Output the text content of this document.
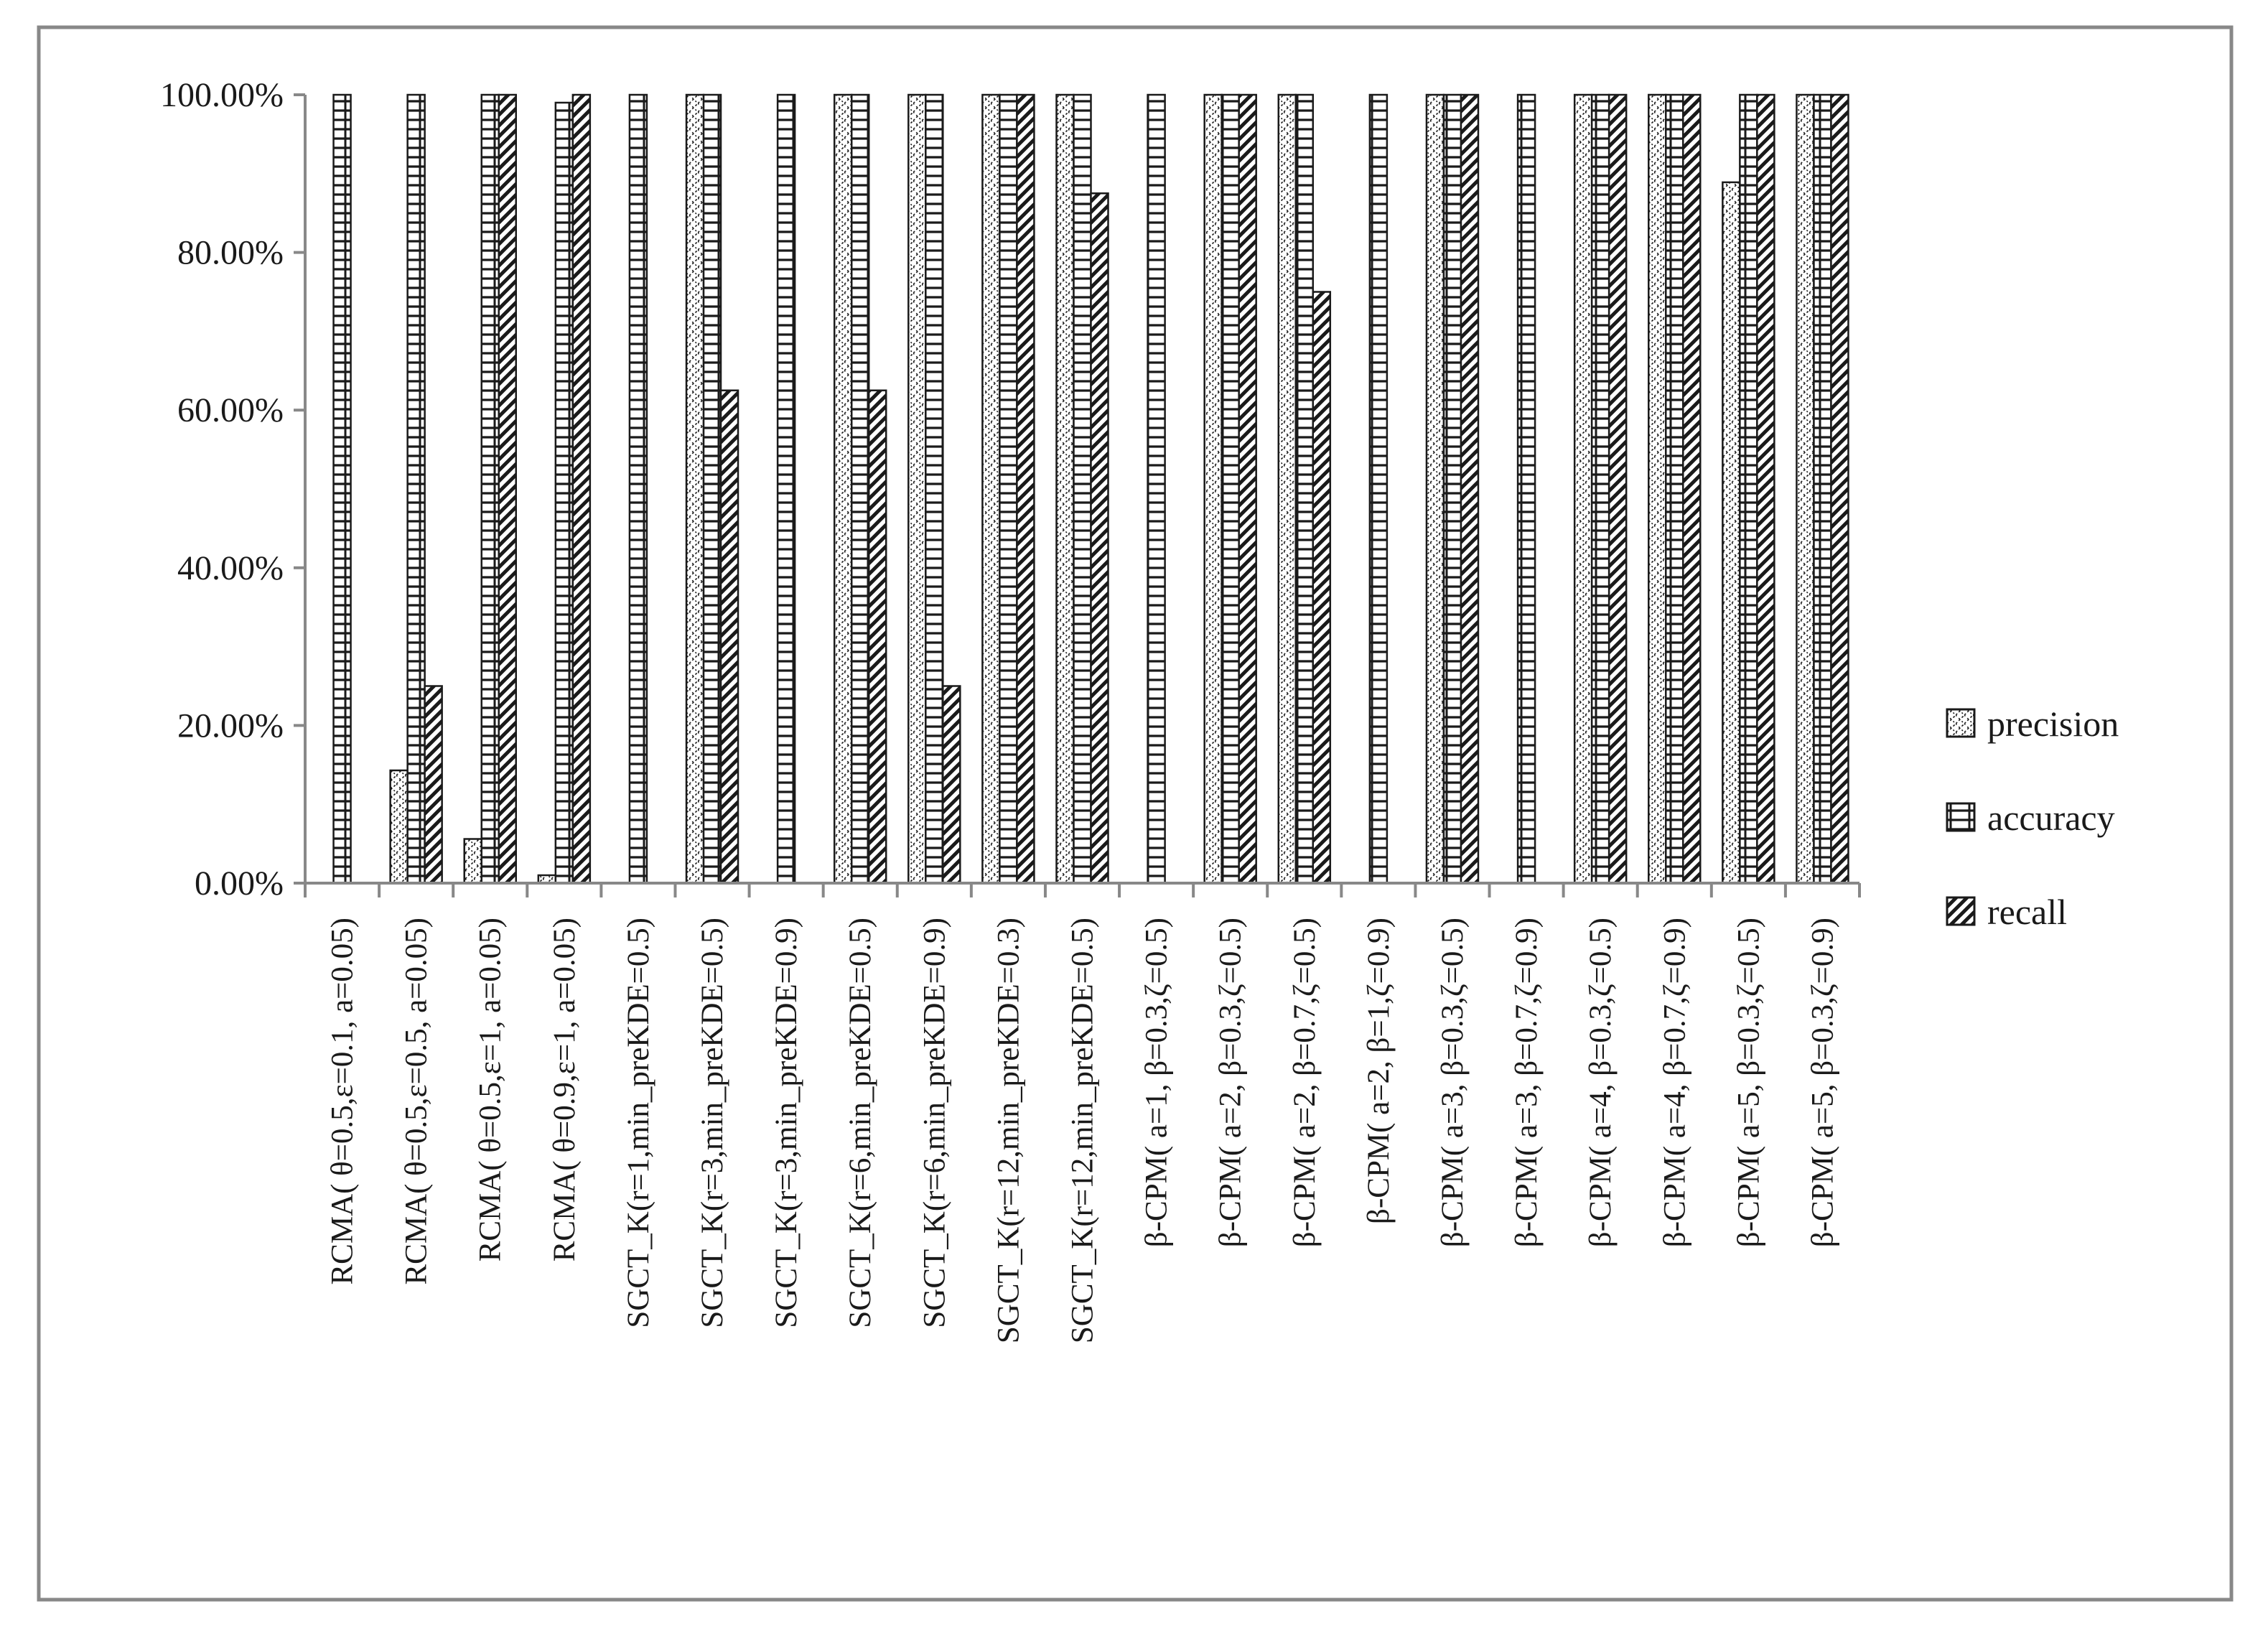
0.00%
20.00%
40.00%
60.00%
80.00%
100.00%
RCMA( θ=0.5,ε=0.1, a=0.05) RCMA( θ=0.5,ε=0.5, a=0.05) RCMA( θ=0.5,ε=1, a=0.05) RCMA( θ=0.9,ε=1, a=0.05) SGCT_K(r=1,min_preKDE=0.5) SGCT_K(r=3,min_preKDE=0.5) SGCT_K(r=3,min_preKDE=0.9) SGCT_K(r=6,min_preKDE=0.5) SGCT_K(r=6,min_preKDE=0.9) SGCT_K(r=12,min_preKDE=0.3) SGCT_K(r=12,min_preKDE=0.5) β-CPM( a=1, β=0.3,ζ=0.5) β-CPM( a=2, β=0.3,ζ=0.5) β-CPM( a=2, β=0.7,ζ=0.5) β-CPM( a=2, β=1,ζ=0.9) β-CPM( a=3, β=0.3,ζ=0.5) β-CPM( a=3, β=0.7,ζ=0.9) β-CPM( a=4, β=0.3,ζ=0.5) β-CPM( a=4, β=0.7,ζ=0.9) β-CPM( a=5, β=0.3,ζ=0.5) β-CPM( a=5, β=0.3,ζ=0.9)
precision
accuracy
recall
